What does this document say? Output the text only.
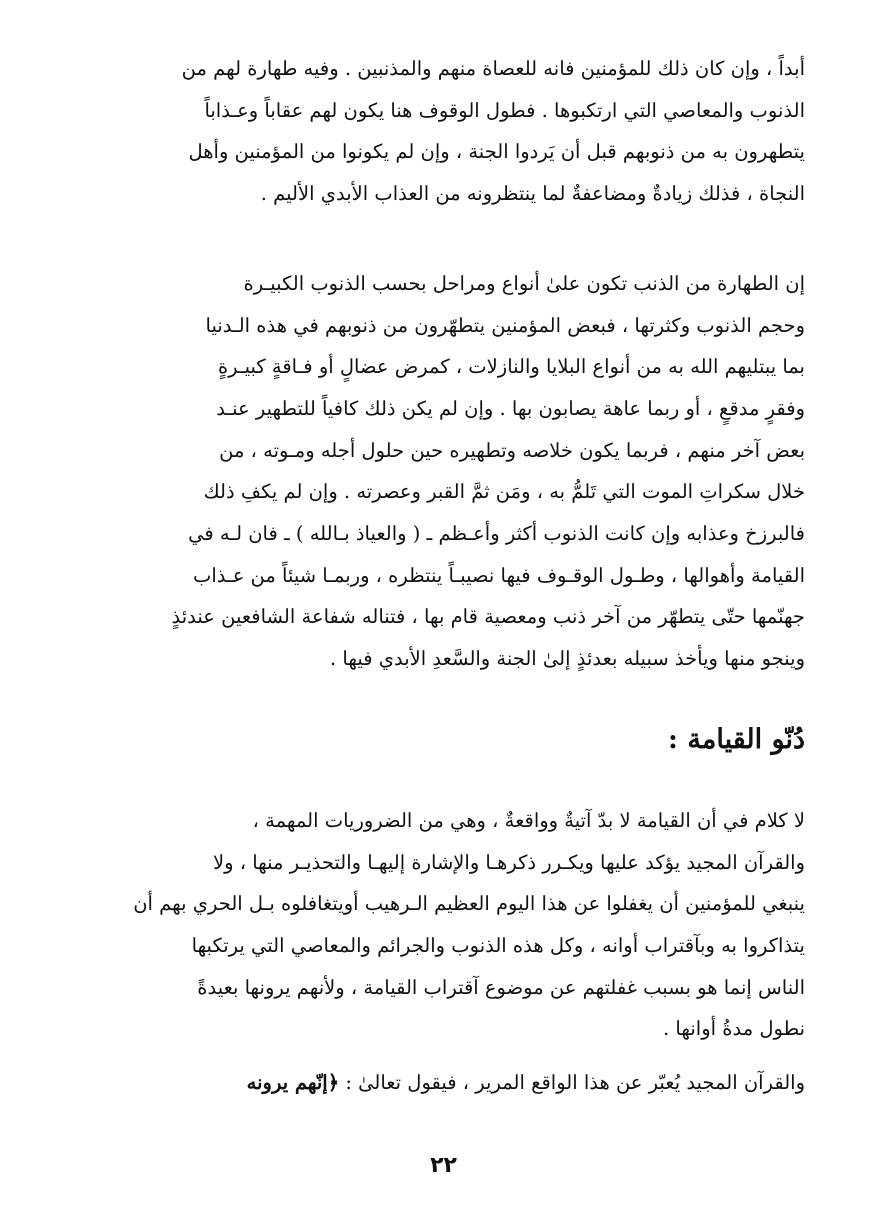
أبداً ، وإن كان ذلك للمؤمنين فانه للعصاة منهم والمذنبين . وفيه طهارة لهم من
الذنوب والمعاصي التي ارتكبوها . فطول الوقوف هنا يكون لهم عقاباً وعـذاباً
يتطهرون به من ذنوبهم قبل أن يَردوا الجنة ، وإن لم يكونوا من المؤمنين وأهل
النجاة ، فذلك زيادةٌ ومضاعفةٌ لما ينتظرونه من العذاب الأبدي الأليم .
إن الطهارة من الذنب تكون علىٰ أنواع ومراحل بحسب الذنوب الكبيـرة
وحجم الذنوب وكثرتها ، فبعض المؤمنين يتطهّرون من ذنوبهم في هذه الـدنيا
بما يبتليهم الله به من أنواع البلايا والنازلات ، كمرض عضالٍ أو فـاقةٍ كبيـرةٍ
وفقرٍ مدقعٍ ، أو ربما عاهة يصابون بها . وإن لم يكن ذلك كافياً للتطهير عنـد
بعض آخر منهم ، فربما يكون خلاصه وتطهيره حين حلول أجله ومـوته ، من
خلال سكراتِ الموت التي تَلمُّ به ، ومَن ثمَّ القبر وعصرته . وإن لم يكفِ ذلك
فالبرزخ وعذابه وإن كانت الذنوب أكثر وأعـظم ـ ( والعياذ بـالله ) ـ فان لـه في
القيامة وأهوالها ، وطـول الوقـوف فيها نصيبـاً ينتظره ، وربمـا شيئاً من عـذاب
جهنّمها حتّى يتطهّر من آخر ذنب ومعصية قام بها ، فتناله شفاعة الشافعين عندئذٍ
وينجو منها ويأخذ سبيله بعدئذٍ إلىٰ الجنة والسَّعدِ الأبدي فيها .
دُنّو القيامة :
لا كلام في أن القيامة لا بدّ آتيةٌ وواقعةٌ ، وهي من الضروريات المهمة ،
والقرآن المجيد يؤكد عليها ويكـرر ذكرهـا والإشارة إليهـا والتحذيـر منها ، ولا
ينبغي للمؤمنين أن يغفلوا عن هذا اليوم العظيم الـرهيب أويتغافلوه بـل الحري بهم أن
يتذاكروا به وبآقتراب أوانه ، وكل هذه الذنوب والجرائم والمعاصي التي يرتكبها
الناس إنما هو بسبب غفلتهم عن موضوع آقتراب القيامة ، ولأنهم يرونها بعيدةً
نطول مدةُ أوانها .
والقرآن المجيد يُعبّر عن هذا الواقع المرير ، فيقول تعالىٰ : ﴿إنّهم يرونه
٢٢
